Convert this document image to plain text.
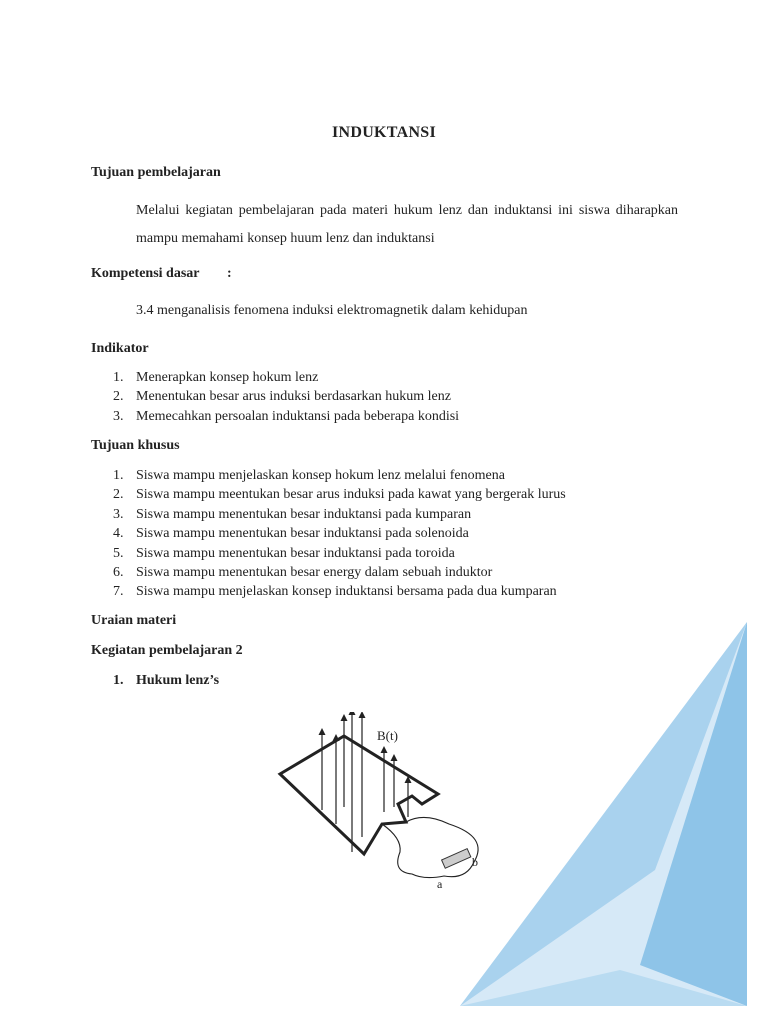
INDUKTANSI
Tujuan pembelajaran
Melalui kegiatan pembelajaran pada materi hukum lenz dan induktansi ini siswa diharapkan mampu memahami konsep huum lenz dan induktansi
Kompetensi dasar :
3.4 menganalisis fenomena induksi elektromagnetik dalam kehidupan
Indikator
1. Menerapkan konsep hokum lenz
2. Menentukan besar arus induksi berdasarkan hukum lenz
3. Memecahkan persoalan induktansi pada beberapa kondisi
Tujuan khusus
1. Siswa mampu menjelaskan konsep hokum lenz melalui fenomena
2. Siswa mampu meentukan besar arus induksi pada kawat yang bergerak lurus
3. Siswa mampu menentukan besar induktansi pada kumparan
4. Siswa mampu menentukan besar induktansi pada solenoida
5. Siswa mampu menentukan besar induktansi pada toroida
6. Siswa mampu menentukan besar energy dalam sebuah induktor
7. Siswa mampu menjelaskan konsep induktansi bersama pada dua kumparan
Uraian materi
Kegiatan pembelajaran 2
1. Hukum lenz’s
B(t)
a
b
